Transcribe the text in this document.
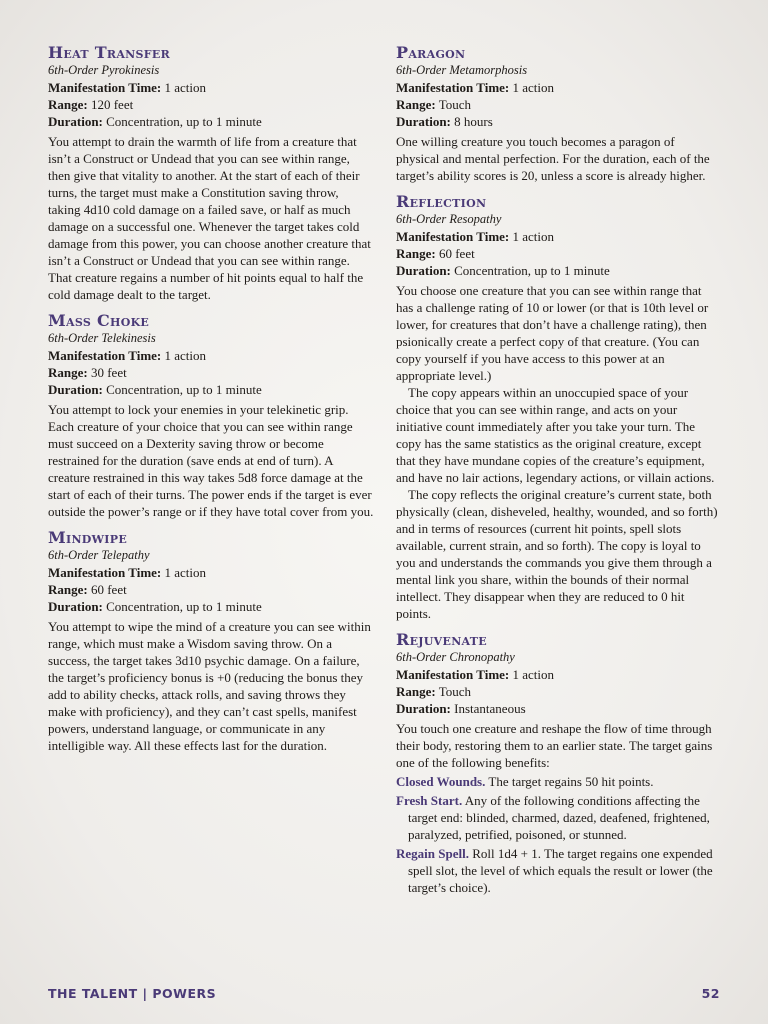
Heat Transfer

6th-Order Pyrokinesis

Manifestation Time: 1 action

Range: 120 feet

Duration: Concentration, up to 1 minute

You attempt to drain the warmth of life from a creature that isn’t a Construct or Undead that you can see within range, then give that vitality to another. At the start of each of their turns, the target must make a Constitution saving throw, taking 4d10 cold damage on a failed save, or half as much damage on a successful one. Whenever the target takes cold damage from this power, you can choose another creature that isn’t a Construct or Undead that you can see within range. That creature regains a number of hit points equal to half the cold damage dealt to the target.

Mass Choke

6th-Order Telekinesis

Manifestation Time: 1 action

Range: 30 feet

Duration: Concentration, up to 1 minute

You attempt to lock your enemies in your telekinetic grip. Each creature of your choice that you can see within range must succeed on a Dexterity saving throw or become restrained for the duration (save ends at end of turn). A creature restrained in this way takes 5d8 force damage at the start of each of their turns. The power ends if the target is ever outside the power’s range or if they have total cover from you.

Mindwipe

6th-Order Telepathy

Manifestation Time: 1 action

Range: 60 feet

Duration: Concentration, up to 1 minute

You attempt to wipe the mind of a creature you can see within range, which must make a Wisdom saving throw. On a success, the target takes 3d10 psychic damage. On a failure, the target’s proficiency bonus is +0 (reducing the bonus they add to ability checks, attack rolls, and saving throws they make with proficiency), and they can’t cast spells, manifest powers, understand language, or communicate in any intelligible way. All these effects last for the duration.

Paragon

6th-Order Metamorphosis

Manifestation Time: 1 action

Range: Touch

Duration: 8 hours

One willing creature you touch becomes a paragon of physical and mental perfection. For the duration, each of the target’s ability scores is 20, unless a score is already higher.

Reflection

6th-Order Resopathy

Manifestation Time: 1 action

Range: 60 feet

Duration: Concentration, up to 1 minute

You choose one creature that you can see within range that has a challenge rating of 10 or lower (or that is 10th level or lower, for creatures that don’t have a challenge rating), then psionically create a perfect copy of that creature. (You can copy yourself if you have access to this power at an appropriate level.)

The copy appears within an unoccupied space of your choice that you can see within range, and acts on your initiative count immediately after you take your turn. The copy has the same statistics as the original creature, except that they have mundane copies of the creature’s equipment, and have no lair actions, legendary actions, or villain actions.

The copy reflects the original creature’s current state, both physically (clean, disheveled, healthy, wounded, and so forth) and in terms of resources (current hit points, spell slots available, current strain, and so forth). The copy is loyal to you and understands the commands you give them through a mental link you share, within the bounds of their normal intellect. They disappear when they are reduced to 0 hit points.

Rejuvenate

6th-Order Chronopathy

Manifestation Time: 1 action

Range: Touch

Duration: Instantaneous

You touch one creature and reshape the flow of time through their body, restoring them to an earlier state. The target gains one of the following benefits:

Closed Wounds. The target regains 50 hit points.

Fresh Start. Any of the following conditions affecting the target end: blinded, charmed, dazed, deafened, frightened, paralyzed, petrified, poisoned, or stunned.

Regain Spell. Roll 1d4 + 1. The target regains one expended spell slot, the level of which equals the result or lower (the target’s choice).

THE TALENT | POWERS	52
